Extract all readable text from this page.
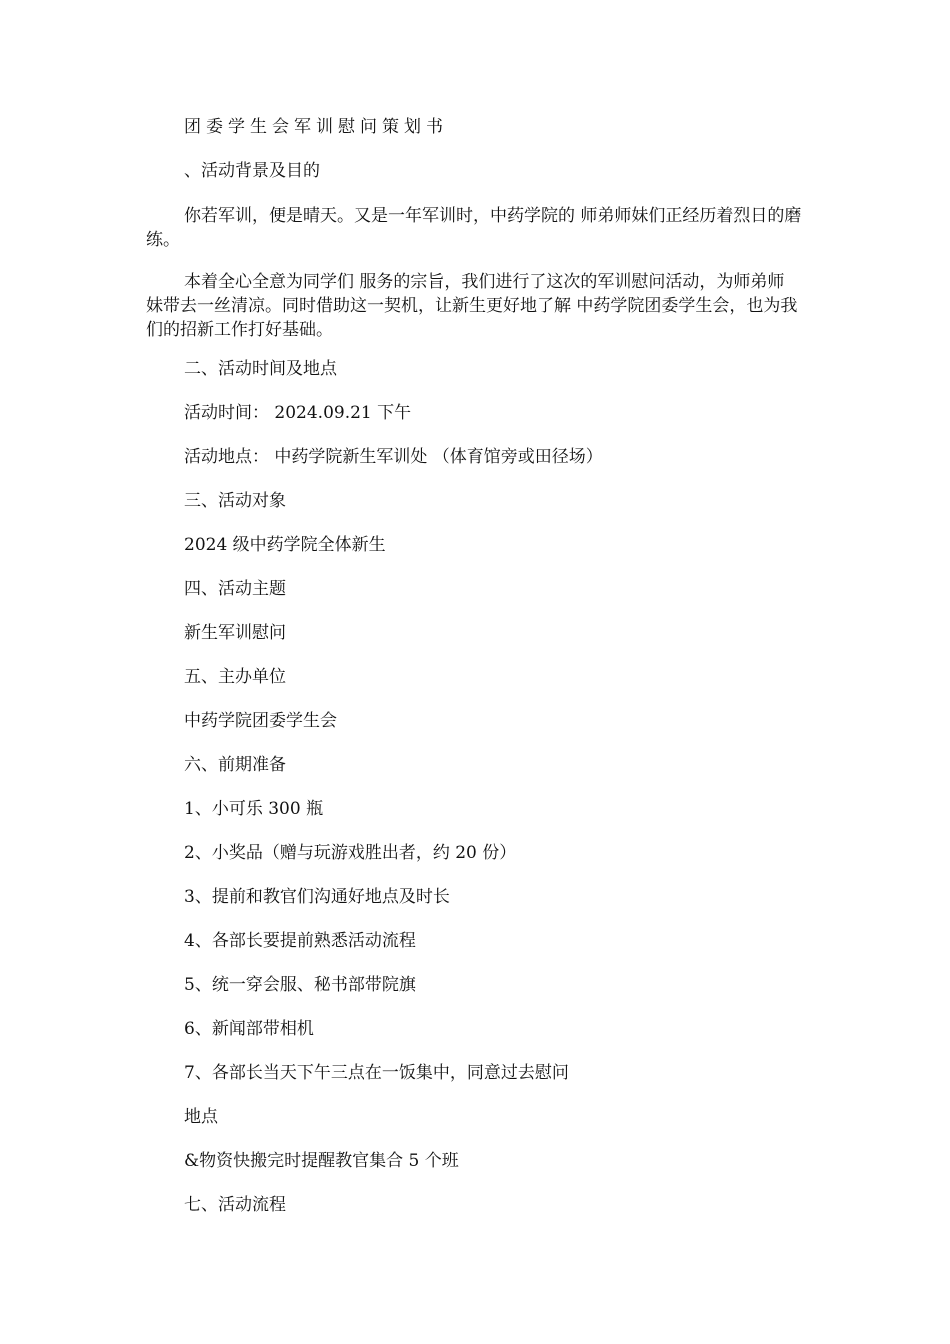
团委学生会军训慰问策划书
、活动背景及目的
你若军训，便是晴天。又是一年军训时，中药学院的 师弟师妹们正经历着烈日的磨练。
本着全心全意为同学们 服务的宗旨，我们进行了这次的军训慰问活动，为师弟师 妹带去一丝清凉。同时借助这一契机，让新生更好地了解 中药学院团委学生会，也为我们的招新工作打好基础。
二、活动时间及地点
活动时间： 2024.09.21 下午
活动地点： 中药学院新生军训处 （体育馆旁或田径场）
三、活动对象
2024 级中药学院全体新生
四、活动主题
新生军训慰问
五、主办单位
中药学院团委学生会
六、前期准备
1、小可乐 300 瓶
2、小奖品（赠与玩游戏胜出者，约 20 份）
3、提前和教官们沟通好地点及时长
4、各部长要提前熟悉活动流程
5、统一穿会服、秘书部带院旗
6、新闻部带相机
7、各部长当天下午三点在一饭集中，同意过去慰问
地点
&物资快搬完时提醒教官集合 5 个班
七、活动流程
